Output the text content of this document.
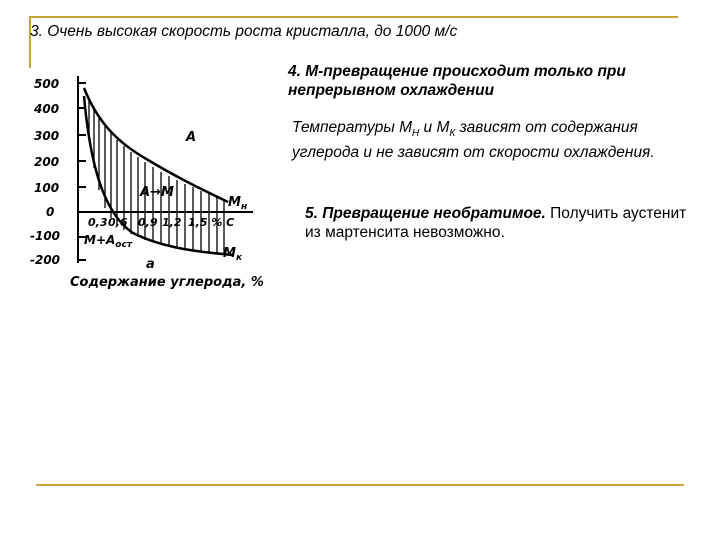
3. Очень высокая скорость роста кристалла, до 1000 м/с
4. М-превращение происходит только при непрерывном охлаждении
Температуры $М_Н$ и $М_К$ зависят от содержания углерода и не зависят от скорости охлаждения.
5. Превращение необратимое. Получить аустенит из мартенсита невозможно.
500
400
300
200
100
0
-100
-200
А
А→М
$М_н$
$М_к$
0,3 0,6 0,9 1,2 1,5 % С
$М+А_{ост}$
а
Содержание углерода, %
